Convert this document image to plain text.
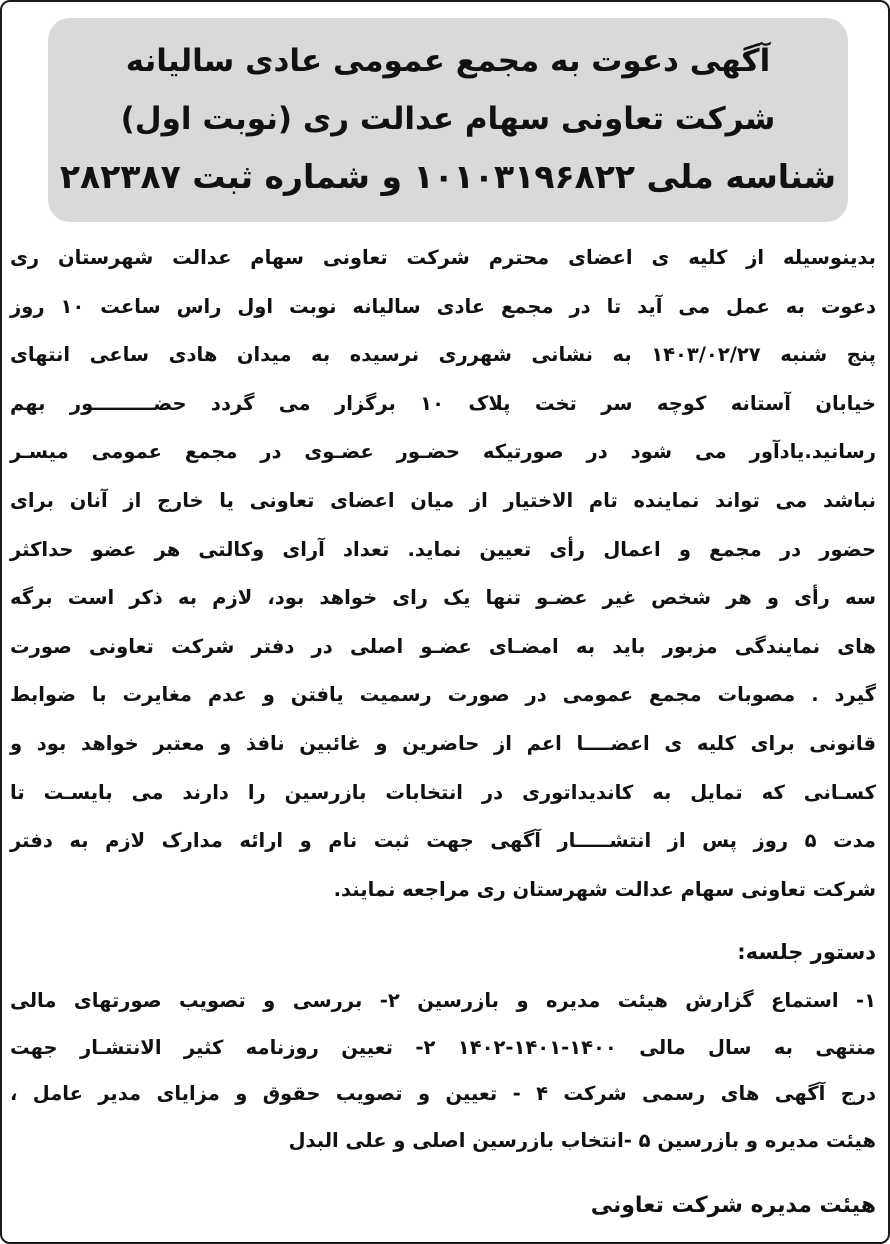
آگهی دعوت به مجمع عمومی عادی سالیانه
شرکت تعاونی سهام عدالت ری (نوبت اول)
شناسه ملی ۱۰۱۰۳۱۹۶۸۲۲ و شماره ثبت ۲۸۲۳۸۷
بدینوسیله از کلیه ی اعضای محترم شرکت تعاونی سهام عدالت شهرستان ری
دعوت به عمل می آید تا در مجمع عادی سالیانه نوبت اول راس ساعت ۱۰ روز
پنج شنبه ۱۴۰۳/۰۲/۲۷ به نشانی شهرری نرسیده به میدان هادی ساعی انتهای
خیابان آستانه کوچه سر تخت پلاک ۱۰ برگزار می گردد حضـــــــــور بهم
رسانید.یادآور می شود در صورتیکه حضـور عضـوی در مجمع عمومی میسـر
نباشد می تواند نماینده تام الاختیار از میان اعضای تعاونی یا خارج از آنان برای
حضور در مجمع و اعمال رأی تعیین نماید. تعداد آرای وکالتی هر عضو حداکثر
سه رأی و هر شخص غیر عضـو تنها یک رای خواهد بود، لازم به ذکر است برگه
های نمایندگی مزبور باید به امضـای عضـو اصلی در دفتر شرکت تعاونی صورت
گیرد . مصوبات مجمع عمومی در صورت رسمیت یافتن و عدم مغایرت با ضوابط
قانونی برای کلیه ی اعضــــا اعم از حاضرین و غائبین نافذ و معتبر خواهد بود و
کسـانی که تمایل به کاندیداتوری در انتخابات بازرسین را دارند می بایسـت تا
مدت ۵ روز پس از انتشـــــار آگهی جهت ثبت نام و ارائه مدارک لازم به دفتر
شرکت تعاونی سهام عدالت شهرستان ری مراجعه نمایند.
دستور جلسه:
۱- استماع گزارش هیئت مدیره و بازرسین ۲- بررسی و تصویب صورتهای مالی
منتهی به سال مالی ۱۴۰۰-۱۴۰۱-۱۴۰۲ ۲- تعیین روزنامه کثیر الانتشـار جهت
درج آگهی های رسمی شرکت ۴ - تعیین و تصویب حقوق و مزایای مدیر عامل ،
هیئت مدیره و بازرسین ۵ -انتخاب بازرسین اصلی و علی البدل
هیئت مدیره شرکت تعاونی
